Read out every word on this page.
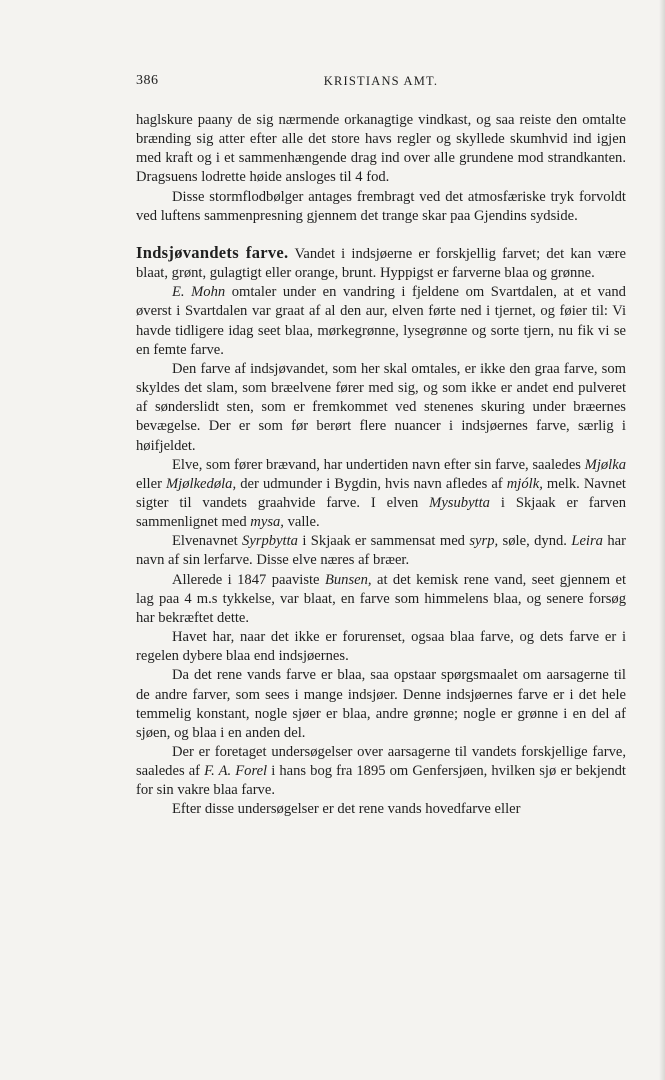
386	KRISTIANS AMT.

haglskure paany de sig nærmende orkanagtige vindkast, og saa reiste den omtalte brænding sig atter efter alle det store havs regler og skyllede skumhvid ind igjen med kraft og i et sammenhængende drag ind over alle grundene mod strandkanten. Dragsuens lodrette høide ansloges til 4 fod.

Disse stormflodbølger antages frembragt ved det atmosfæriske tryk forvoldt ved luftens sammenpresning gjennem det trange skar paa Gjendins sydside.

Indsjøvandets farve. Vandet i indsjøerne er forskjellig farvet; det kan være blaat, grønt, gulagtigt eller orange, brunt. Hyppigst er farverne blaa og grønne.

E. Mohn omtaler under en vandring i fjeldene om Svartdalen, at et vand øverst i Svartdalen var graat af al den aur, elven førte ned i tjernet, og føier til: Vi havde tidligere idag seet blaa, mørkegrønne, lysegrønne og sorte tjern, nu fik vi se en femte farve.

Den farve af indsjøvandet, som her skal omtales, er ikke den graa farve, som skyldes det slam, som bræelvene fører med sig, og som ikke er andet end pulveret af sønderslidt sten, som er fremkommet ved stenenes skuring under bræernes bevægelse. Der er som før berørt flere nuancer i indsjøernes farve, særlig i høifjeldet.

Elve, som fører brævand, har undertiden navn efter sin farve, saaledes Mjølka eller Mjølkedøla, der udmunder i Bygdin, hvis navn afledes af mjólk, melk. Navnet sigter til vandets graahvide farve. I elven Mysubytta i Skjaak er farven sammenlignet med mysa, valle.

Elvenavnet Syrpbytta i Skjaak er sammensat med syrp, søle, dynd. Leira har navn af sin lerfarve. Disse elve næres af bræer.

Allerede i 1847 paaviste Bunsen, at det kemisk rene vand, seet gjennem et lag paa 4 m.s tykkelse, var blaat, en farve som himmelens blaa, og senere forsøg har bekræftet dette.

Havet har, naar det ikke er forurenset, ogsaa blaa farve, og dets farve er i regelen dybere blaa end indsjøernes.

Da det rene vands farve er blaa, saa opstaar spørgsmaalet om aarsagerne til de andre farver, som sees i mange indsjøer. Denne indsjøernes farve er i det hele temmelig konstant, nogle sjøer er blaa, andre grønne; nogle er grønne i en del af sjøen, og blaa i en anden del.

Der er foretaget undersøgelser over aarsagerne til vandets forskjellige farve, saaledes af F. A. Forel i hans bog fra 1895 om Genfersjøen, hvilken sjø er bekjendt for sin vakre blaa farve.

Efter disse undersøgelser er det rene vands hovedfarve eller
